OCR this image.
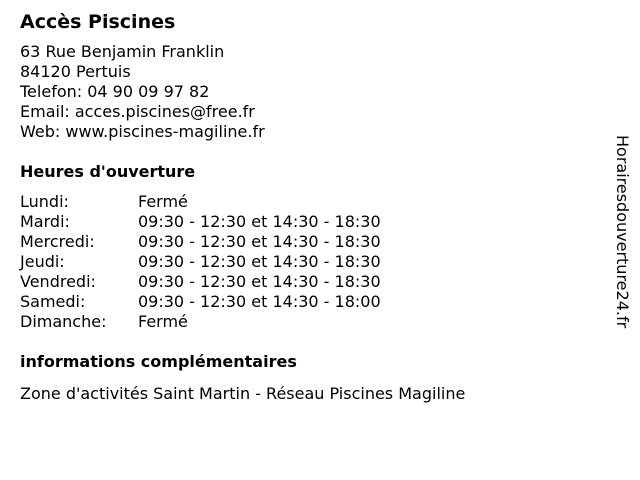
Accès Piscines
63 Rue Benjamin Franklin
84120 Pertuis
Telefon: 04 90 09 97 82
Email: acces.piscines@free.fr
Web: www.piscines-magiline.fr
Heures d'ouverture
Lundi:	Fermé
Mardi:	09:30 - 12:30 et 14:30 - 18:30
Mercredi:	09:30 - 12:30 et 14:30 - 18:30
Jeudi:	09:30 - 12:30 et 14:30 - 18:30
Vendredi:	09:30 - 12:30 et 14:30 - 18:30
Samedi:	09:30 - 12:30 et 14:30 - 18:00
Dimanche:	Fermé
informations complémentaires
Zone d'activités Saint Martin - Réseau Piscines Magiline
Horairesdouverture24.fr
